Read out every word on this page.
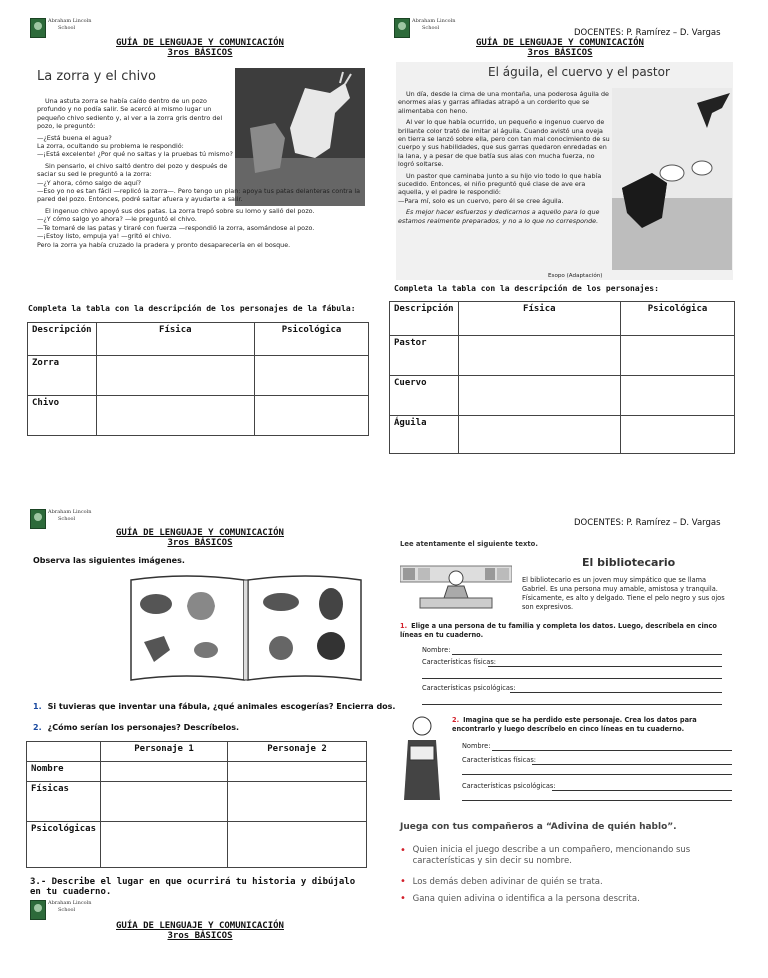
Abraham Lincoln
School
GUÍA DE LENGUAJE Y COMUNICACIÓN
3ros BÁSICOS
La zorra y el chivo

Una astuta zorra se había caído dentro de un pozo profundo y no podía salir. Se acercó al mismo lugar un pequeño chivo sediento y, al ver a la zorra gris dentro del pozo, le preguntó:

—¿Está buena el agua?

La zorra, ocultando su problema le respondió:

—¡Está excelente! ¿Por qué no saltas y la pruebas tú mismo?

Sin pensarlo, el chivo saltó dentro del pozo y después de saciar su sed le preguntó a la zorra:

—¿Y ahora, cómo salgo de aquí?

—Eso yo no es tan fácil —replicó la zorra—. Pero tengo un plan: apoya tus patas delanteras contra la pared del pozo. Entonces, podré saltar afuera y ayudarte a salir.

El ingenuo chivo apoyó sus dos patas. La zorra trepó sobre su lomo y salió del pozo.

—¿Y cómo salgo yo ahora? —le preguntó el chivo.

—Te tomaré de las patas y tiraré con fuerza —respondió la zorra, asomándose al pozo.

—¡Estoy listo, empuja ya! —gritó el chivo.

Pero la zorra ya había cruzado la pradera y pronto desaparecería en el bosque.

Completa la tabla con la descripción de los personajes de la fábula:
Descripción	Física	Psicológica
Zorra		
Chivo		
Abraham Lincoln
School	DOCENTES: P. Ramírez – D. Vargas
GUÍA DE LENGUAJE Y COMUNICACIÓN
3ros BÁSICOS
El águila, el cuervo y el pastor

Un día, desde la cima de una montaña, una poderosa águila de enormes alas y garras afiladas atrapó a un corderito que se alimentaba con heno.

Al ver lo que había ocurrido, un pequeño e ingenuo cuervo de brillante color trató de imitar al águila. Cuando avistó una oveja en tierra se lanzó sobre ella, pero con tan mal conocimiento de su cuerpo y sus habilidades, que sus garras quedaron enredadas en la lana, y a pesar de que batía sus alas con mucha fuerza, no logró soltarse.

Un pastor que caminaba junto a su hijo vio todo lo que había sucedido. Entonces, el niño preguntó qué clase de ave era aquella, y el padre le respondió:

—Para mí, solo es un cuervo, pero él se cree águila.

Es mejor hacer esfuerzos y dedicarnos a aquello para lo que estamos realmente preparados, y no a lo que no corresponde.

Esopo (Adaptación)
Completa la tabla con la descripción de los personajes:
Descripción	Física	Psicológica
Pastor		
Cuervo		
Águila		
Abraham Lincoln
School
GUÍA DE LENGUAJE Y COMUNICACIÓN
3ros BÁSICOS
Observa las siguientes imágenes.
1. Si tuvieras que inventar una fábula, ¿qué animales escogerías? Encierra dos.
2. ¿Cómo serían los personajes? Descríbelos.
	Personaje 1	Personaje 2
Nombre		
Físicas		
Psicológicas		
3.- Describe el lugar en que ocurrirá tu historia y dibújalo en tu cuaderno.
Abraham Lincoln
School
GUÍA DE LENGUAJE Y COMUNICACIÓN
3ros BÁSICOS
DOCENTES: P. Ramírez – D. Vargas
Lee atentamente el siguiente texto.
El bibliotecario
El bibliotecario es un joven muy simpático que se llama Gabriel. Es una persona muy amable, amistosa y tranquila. Físicamente, es alto y delgado. Tiene el pelo negro y sus ojos son expresivos.
1. Elige a una persona de tu familia y completa los datos. Luego, descríbela en cinco líneas en tu cuaderno.
Nombre:
Características físicas:
Características psicológicas:
2. Imagina que se ha perdido este personaje. Crea los datos para encontrarlo y luego descríbelo en cinco líneas en tu cuaderno.
Nombre:
Características físicas:
Características psicológicas:
Juega con tus compañeros a “Adivina de quién hablo”.
• Quien inicia el juego describe a un compañero, mencionando sus características y sin decir su nombre.
• Los demás deben adivinar de quién se trata.
• Gana quien adivina o identifica a la persona descrita.
